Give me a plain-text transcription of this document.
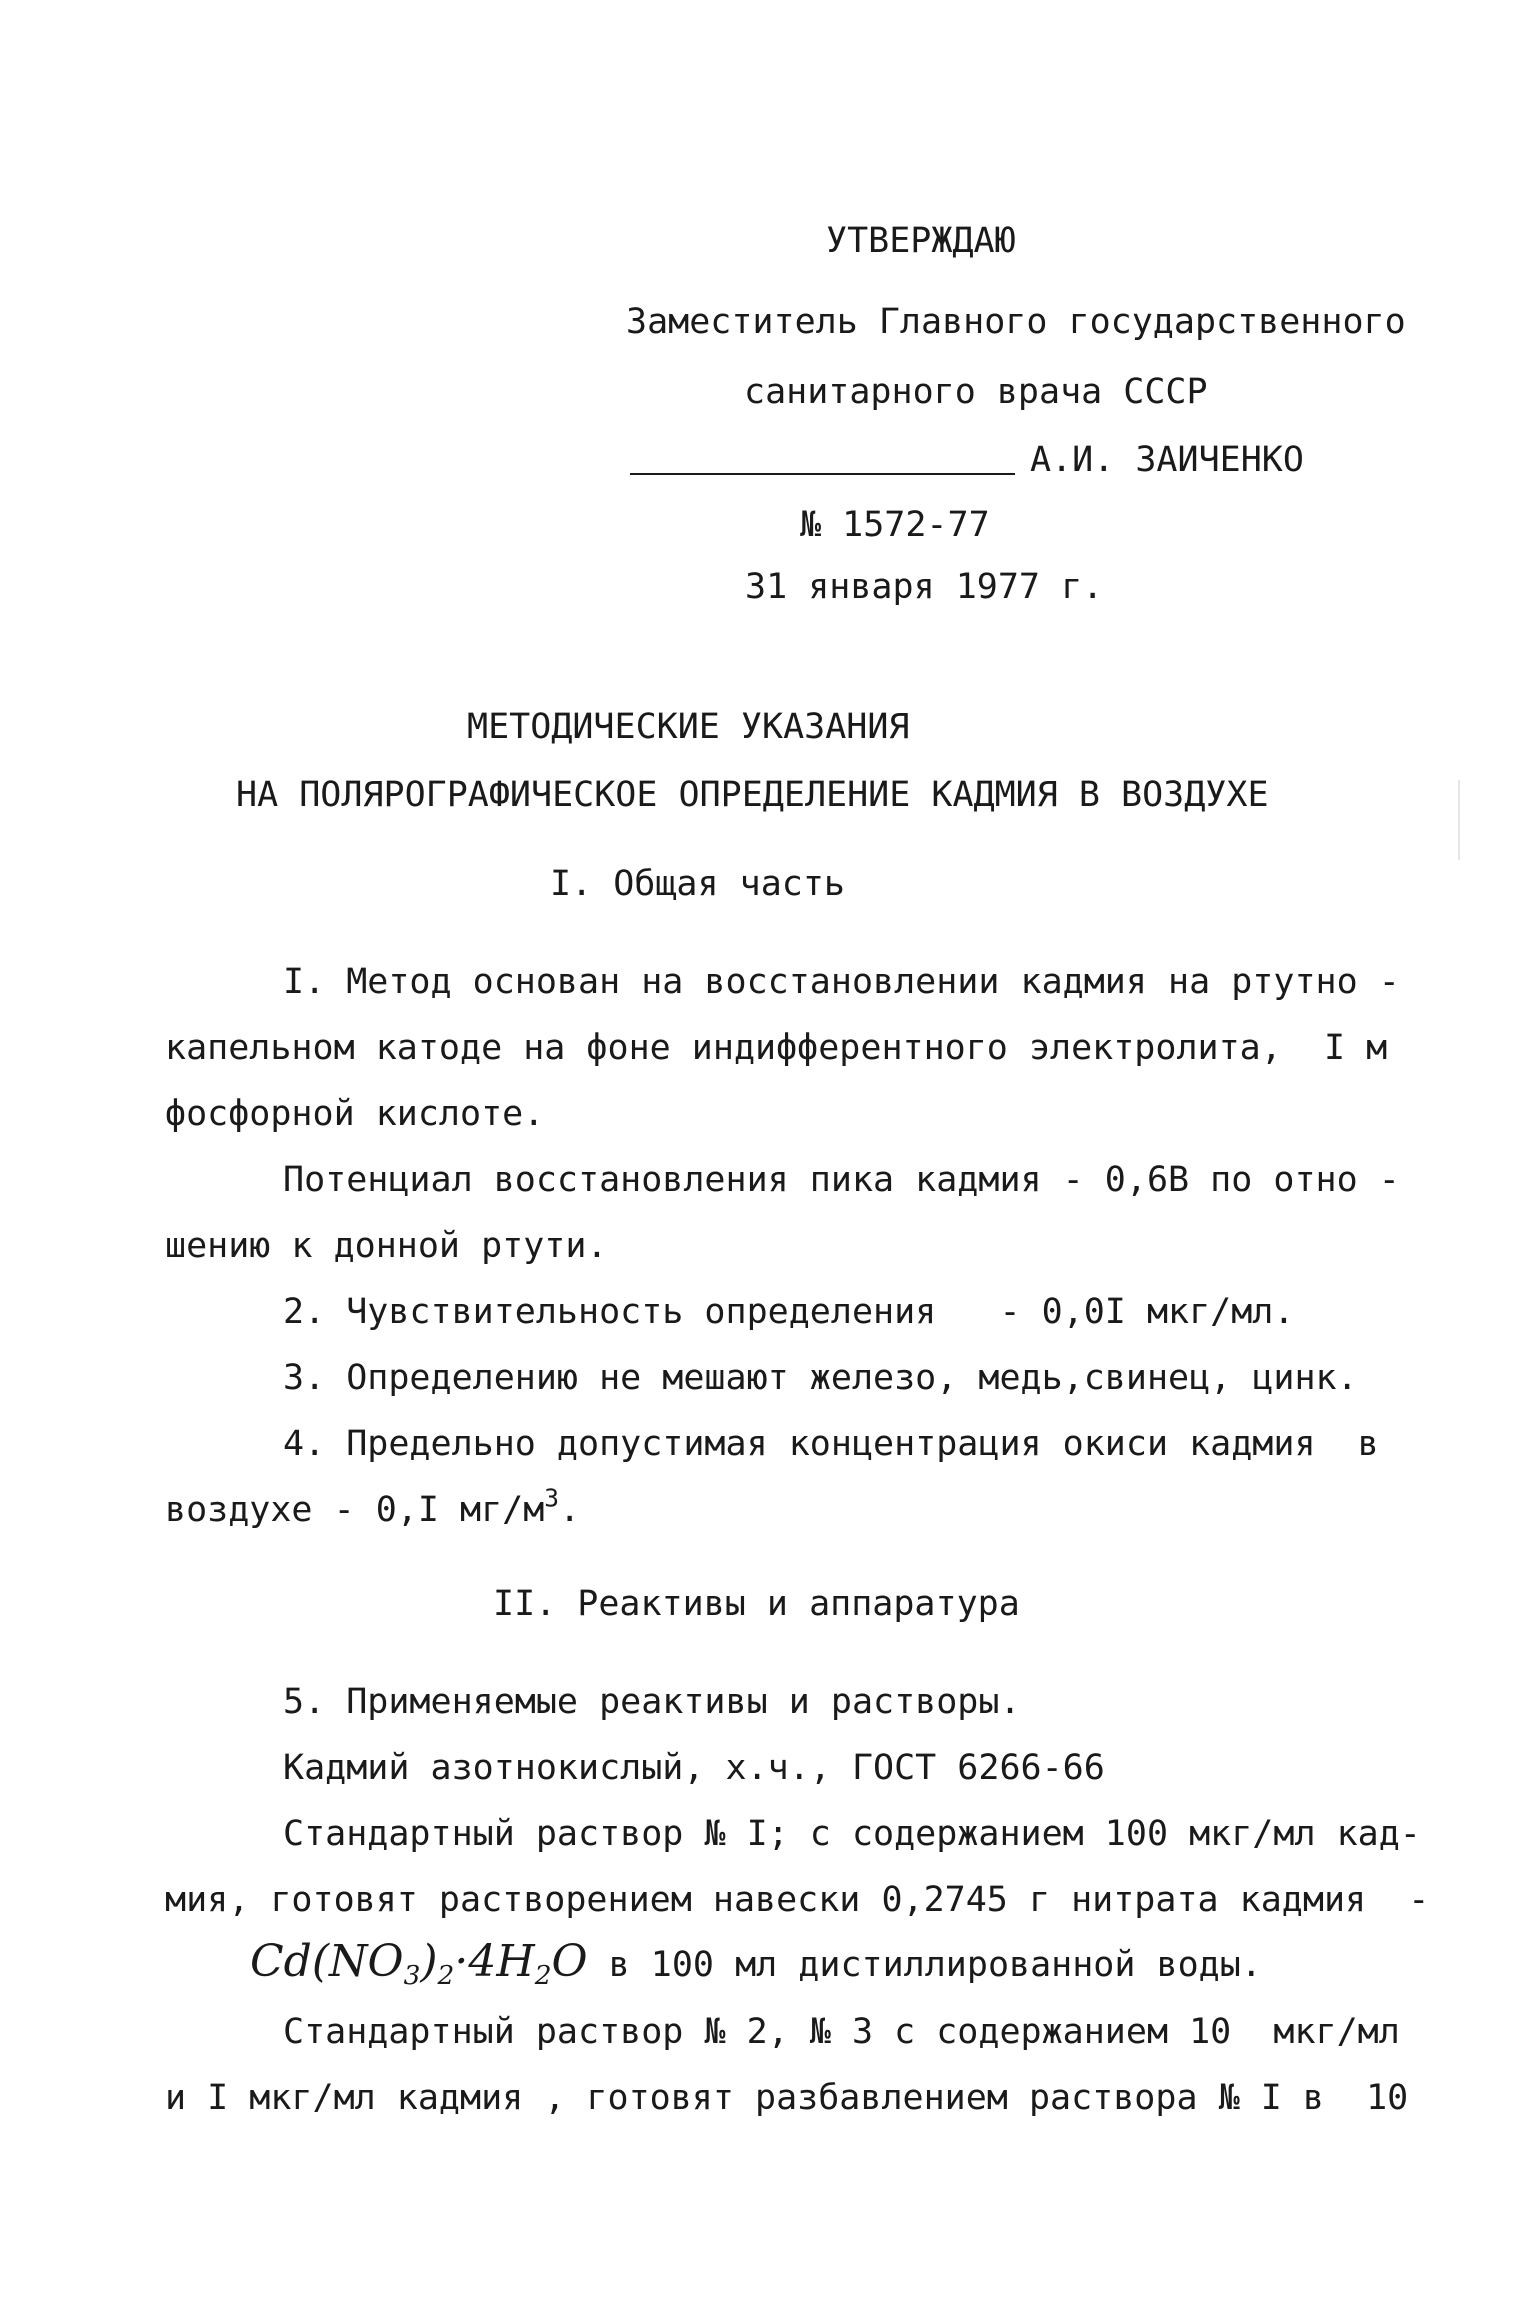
УТВЕРЖДАЮ
Заместитель Главного государственного
санитарного врача СССР
А.И. ЗАИЧЕНКО
№ 1572-77
31 января 1977 г.
МЕТОДИЧЕСКИЕ УКАЗАНИЯ
НА ПОЛЯРОГРАФИЧЕСКОЕ ОПРЕДЕЛЕНИЕ КАДМИЯ В ВОЗДУХЕ
I. Общая часть
I. Метод основан на восстановлении кадмия на ртутно -
капельном катоде на фоне индифферентного электролита,  I м
фосфорной кислоте.
Потенциал восстановления пика кадмия - 0,6В по отно -
шению к донной ртути.
2. Чувствительность определения   - 0,0I мкг/мл.
3. Определению не мешают железо, медь,свинец, цинк.
4. Предельно допустимая концентрация окиси кадмия  в
воздухе - 0,I $мг/м^3$.
II. Реактивы и аппаратура
5. Применяемые реактивы и растворы.
Кадмий азотнокислый, х.ч., ГОСТ 6266-66
Стандартный раствор № I; с содержанием 100 мкг/мл кад-
мия, готовят растворением навески 0,2745 г нитрата кадмия  -
$Cd(NO_3)_2\cdot 4H_2O$ в 100 мл дистиллированной воды.
Стандартный раствор № 2, № 3 с содержанием 10  мкг/мл
и I мкг/мл кадмия , готовят разбавлением раствора № I в  10
